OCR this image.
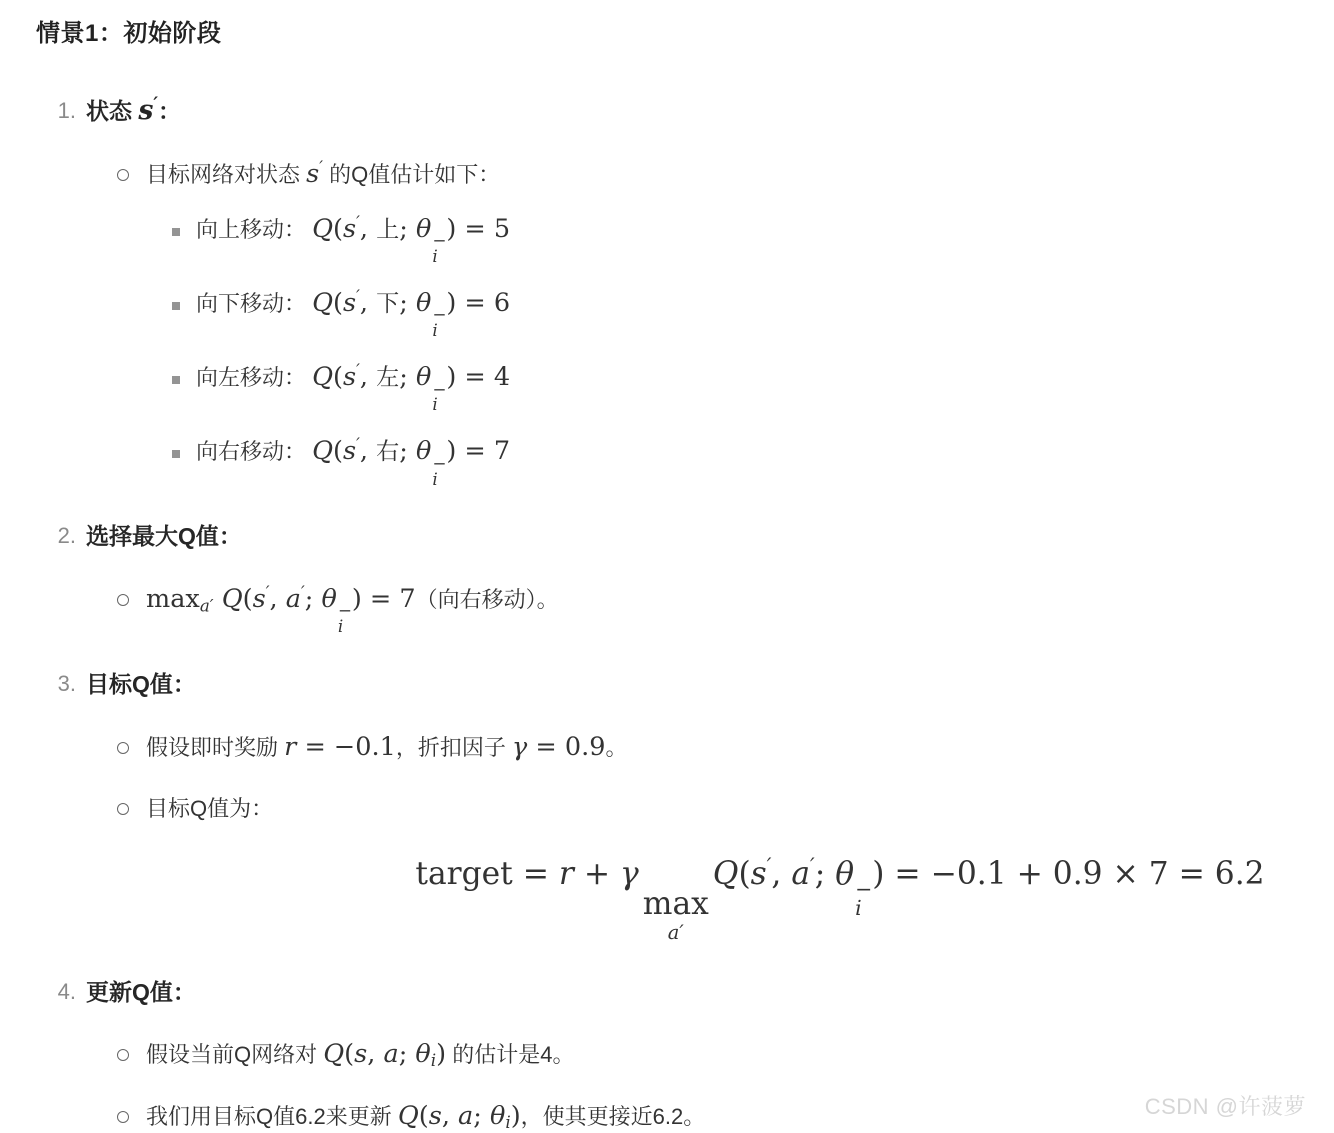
情景1：初始阶段
1. 状态 s′：
目标网络对状态 s′ 的Q值估计如下：
向上移动： Q(s′, 上; θ −
i
) = 5
向下移动： Q(s′, 下; θ −
i
) = 6
向左移动： Q(s′, 左; θ −
i
) = 4
向右移动： Q(s′, 右; θ −
i
) = 7
2. 选择最大Q值：
maxa′ Q(s′, a′; θ −
i
) = 7（向右移动）。
3. 目标Q值：
假设即时奖励 r = −0.1，折扣因子 γ = 0.9。
目标Q值为：
target = r + γ
max
a′
Q(s′, a′; θ −
i
) = −0.1 + 0.9 × 7 = 6.2
4. 更新Q值：
假设当前Q网络对 Q(s, a; θi) 的估计是4。
我们用目标Q值6.2来更新 Q(s, a; θi)，使其更接近6.2。	CSDN @许菠萝
